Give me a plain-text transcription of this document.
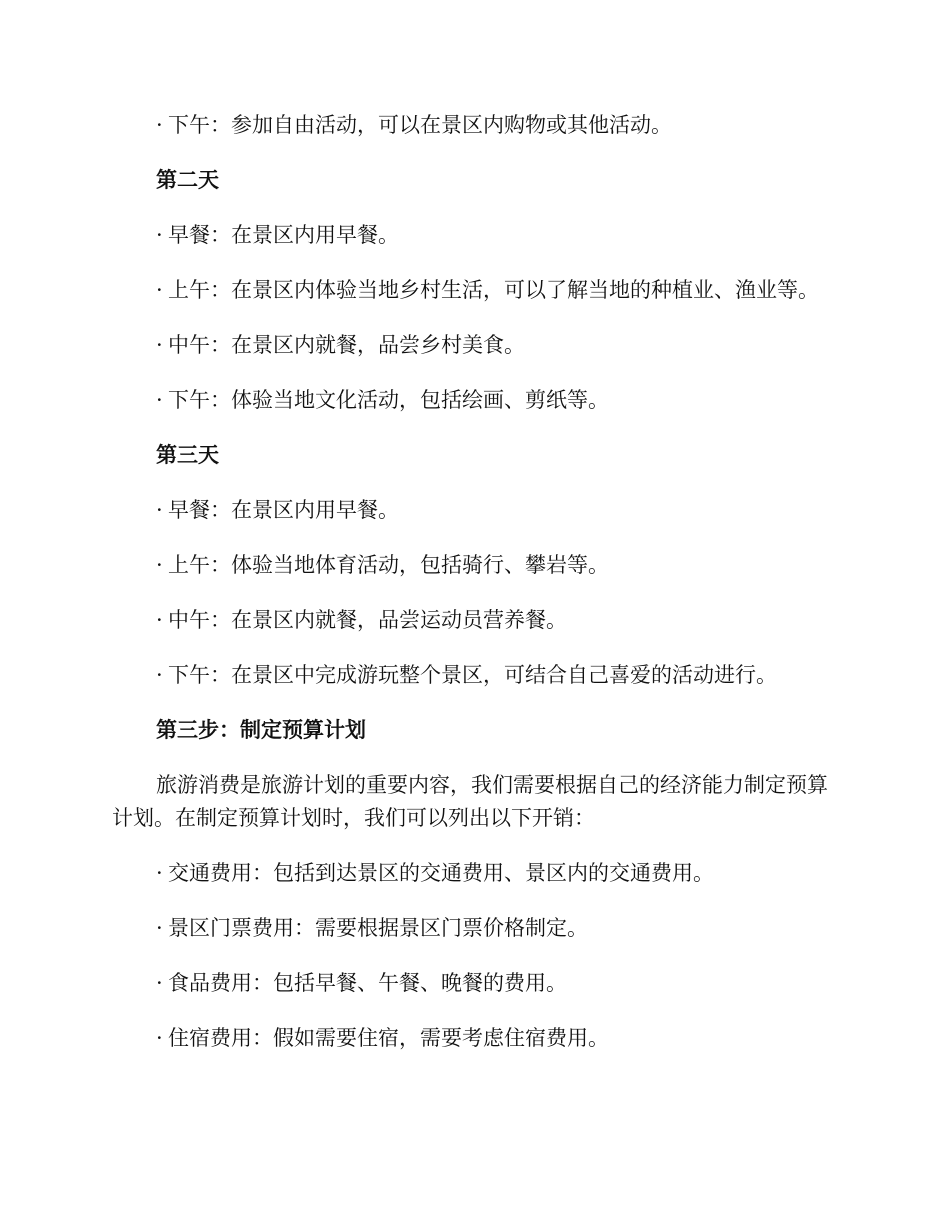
· 下午：参加自由活动，可以在景区内购物或其他活动。

第二天

· 早餐：在景区内用早餐。

· 上午：在景区内体验当地乡村生活，可以了解当地的种植业、渔业等。

· 中午：在景区内就餐，品尝乡村美食。

· 下午：体验当地文化活动，包括绘画、剪纸等。

第三天

· 早餐：在景区内用早餐。

· 上午：体验当地体育活动，包括骑行、攀岩等。

· 中午：在景区内就餐，品尝运动员营养餐。

· 下午：在景区中完成游玩整个景区，可结合自己喜爱的活动进行。

第三步：制定预算计划

旅游消费是旅游计划的重要内容，我们需要根据自己的经济能力制定预算计划。在制定预算计划时，我们可以列出以下开销：

· 交通费用：包括到达景区的交通费用、景区内的交通费用。

· 景区门票费用：需要根据景区门票价格制定。

· 食品费用：包括早餐、午餐、晚餐的费用。

· 住宿费用：假如需要住宿，需要考虑住宿费用。
